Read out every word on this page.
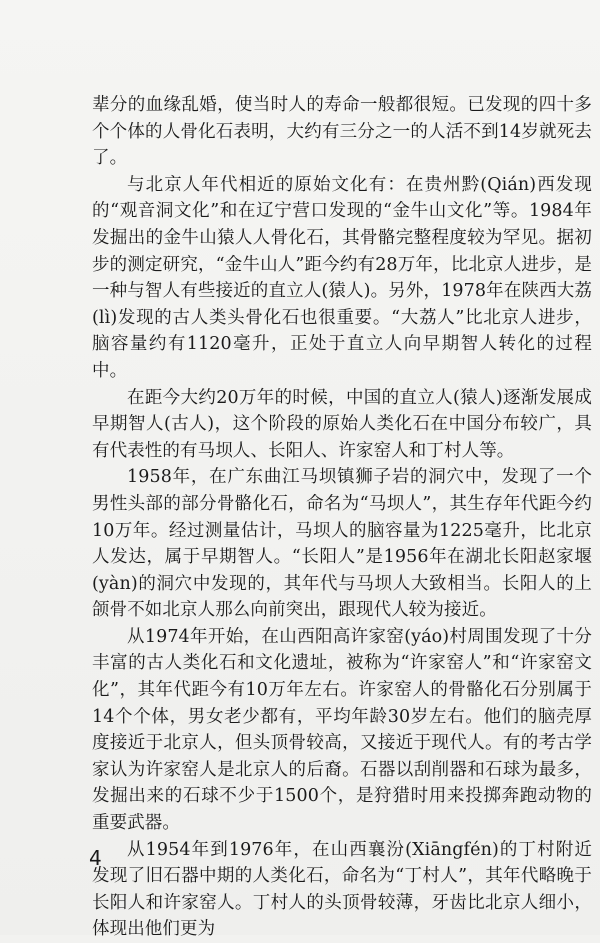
辈分的血缘乱婚，使当时人的寿命一般都很短。已发现的四十多个个体的人骨化石表明，大约有三分之一的人活不到14岁就死去了。

与北京人年代相近的原始文化有：在贵州黔(Qián)西发现的“观音洞文化”和在辽宁营口发现的“金牛山文化”等。1984年发掘出的金牛山猿人人骨化石，其骨骼完整程度较为罕见。据初步的测定研究，“金牛山人”距今约有28万年，比北京人进步，是一种与智人有些接近的直立人(猿人)。另外，1978年在陕西大荔(lì)发现的古人类头骨化石也很重要。“大荔人”比北京人进步，脑容量约有1120毫升，正处于直立人向早期智人转化的过程中。

在距今大约20万年的时候，中国的直立人(猿人)逐渐发展成早期智人(古人)，这个阶段的原始人类化石在中国分布较广，具有代表性的有马坝人、长阳人、许家窑人和丁村人等。

1958年，在广东曲江马坝镇狮子岩的洞穴中，发现了一个男性头部的部分骨骼化石，命名为“马坝人”，其生存年代距今约10万年。经过测量估计，马坝人的脑容量为1225毫升，比北京人发达，属于早期智人。“长阳人”是1956年在湖北长阳赵家堰(yàn)的洞穴中发现的，其年代与马坝人大致相当。长阳人的上颌骨不如北京人那么向前突出，跟现代人较为接近。

从1974年开始，在山西阳高许家窑(yáo)村周围发现了十分丰富的古人类化石和文化遗址，被称为“许家窑人”和“许家窑文化”，其年代距今有10万年左右。许家窑人的骨骼化石分别属于14个个体，男女老少都有，平均年龄30岁左右。他们的脑壳厚度接近于北京人，但头顶骨较高，又接近于现代人。有的考古学家认为许家窑人是北京人的后裔。石器以刮削器和石球为最多，发掘出来的石球不少于1500个，是狩猎时用来投掷奔跑动物的重要武器。

从1954年到1976年，在山西襄汾(Xiāngfén)的丁村附近发现了旧石器中期的人类化石，命名为“丁村人”，其年代略晚于长阳人和许家窑人。丁村人的头顶骨较薄，牙齿比北京人细小，体现出他们更为

4
